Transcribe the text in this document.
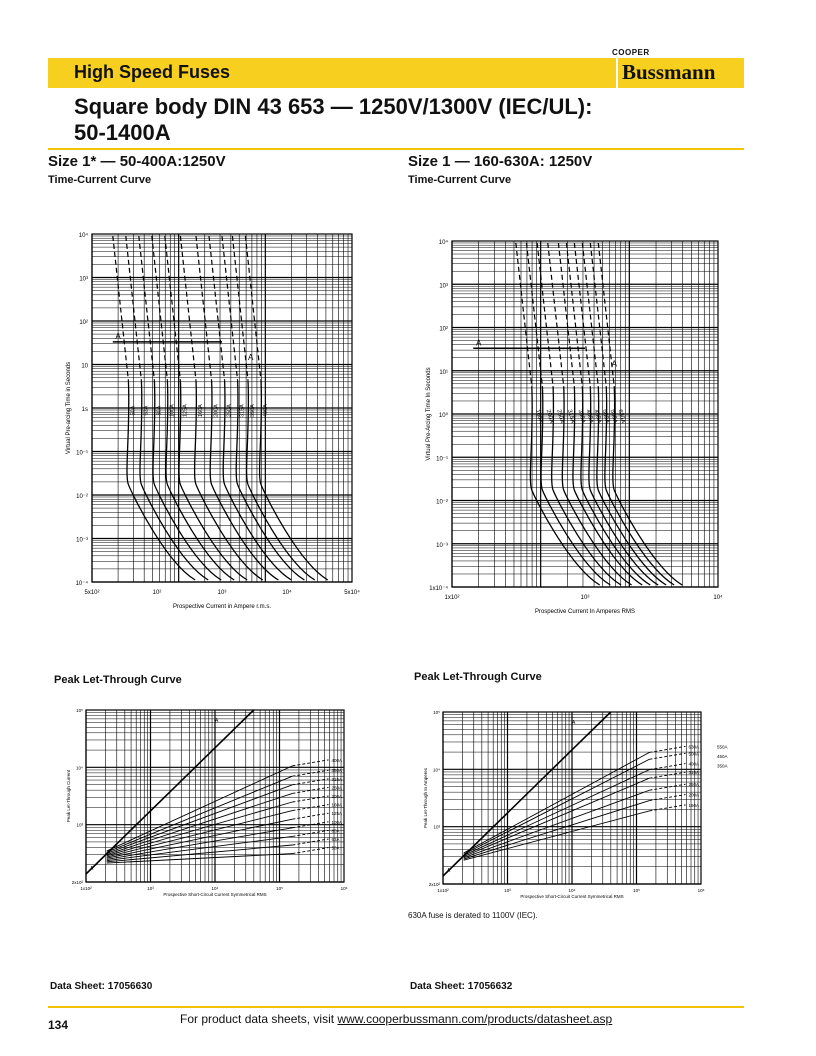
High Speed Fuses
COOPER
Bussmann
Square body DIN 43 653 — 1250V/1300V (IEC/UL):
50-1400A
Size 1* — 50-400A:1250V
Time-Current Curve
Size 1 — 160-630A: 1250V
Time-Current Curve
10⁴
10³
10²
10
1s
10⁻¹
10⁻²
10⁻³
10⁻⁴
5x10²	10²	10³	10⁴	5x10⁴
Prospective Current in Ampere r.m.s.
Virtual Pre-arcing Time in Seconds	50A 63A 80A 100A 125A 160A 200A 250A 315A 350A 400A
A
A
10⁴
10³
10²
10¹
10⁰
10⁻¹
10⁻²
10⁻³
1x10⁻⁴
1x10²	10³	10⁴
Prospective Current In Amperes RMS
Virtual Pre-Arcing Time In Seconds	160A 200A 250A 315A 350A
400A
450A
500A
550A
630A
A
A
Peak Let-Through Curve	Peak Let-Through Curve
10⁵
10⁴
10³
2x10²
1x10²	10³	10⁴	10⁵	10⁶
Prospective Short-Circuit Current Symmetrical RMS
Peak Let-Through Current
A
A
400A
350A
315A
250A
200A
160A
125A
100A
80A
63A
50A
10⁵
10⁴
10³
2x10²
1x10²	10³	10⁴	10⁵	10⁶
Prospective Short-Circuit Current Symmetrical RMS
Peak Let-Through In Amperes
A
A
630A
500A
400A
315A
250A
200A
160A
550A
450A
350A
630A fuse is derated to 1100V (IEC).
Data Sheet: 17056630	Data Sheet: 17056632
134	For product data sheets, visit www.cooperbussmann.com/products/datasheet.asp
